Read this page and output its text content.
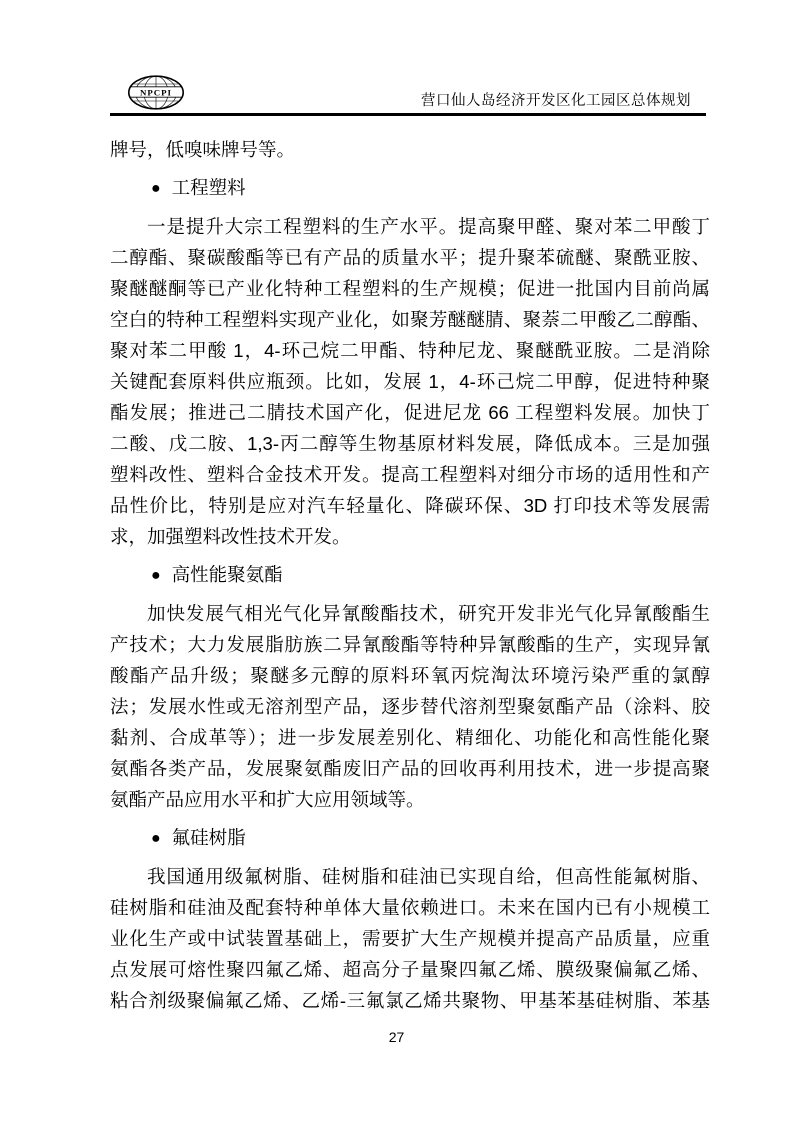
NPCPI
营口仙人岛经济开发区化工园区总体规划
牌号，低嗅味牌号等。
● 工程塑料
一是提升大宗工程塑料的生产水平。提高聚甲醛、聚对苯二甲酸丁
二醇酯、聚碳酸酯等已有产品的质量水平；提升聚苯硫醚、聚酰亚胺、
聚醚醚酮等已产业化特种工程塑料的生产规模；促进一批国内目前尚属
空白的特种工程塑料实现产业化，如聚芳醚醚腈、聚萘二甲酸乙二醇酯、
聚对苯二甲酸 1，4-环己烷二甲酯、特种尼龙、聚醚酰亚胺。二是消除
关键配套原料供应瓶颈。比如，发展 1，4-环己烷二甲醇，促进特种聚
酯发展；推进己二腈技术国产化，促进尼龙 66 工程塑料发展。加快丁
二酸、戊二胺、1,3-丙二醇等生物基原材料发展，降低成本。三是加强
塑料改性、塑料合金技术开发。提高工程塑料对细分市场的适用性和产
品性价比，特别是应对汽车轻量化、降碳环保、3D 打印技术等发展需
求，加强塑料改性技术开发。
● 高性能聚氨酯
加快发展气相光气化异氰酸酯技术，研究开发非光气化异氰酸酯生
产技术；大力发展脂肪族二异氰酸酯等特种异氰酸酯的生产，实现异氰
酸酯产品升级；聚醚多元醇的原料环氧丙烷淘汰环境污染严重的氯醇
法；发展水性或无溶剂型产品，逐步替代溶剂型聚氨酯产品（涂料、胶
黏剂、合成革等）；进一步发展差别化、精细化、功能化和高性能化聚
氨酯各类产品，发展聚氨酯废旧产品的回收再利用技术，进一步提高聚
氨酯产品应用水平和扩大应用领域等。
● 氟硅树脂
我国通用级氟树脂、硅树脂和硅油已实现自给，但高性能氟树脂、
硅树脂和硅油及配套特种单体大量依赖进口。未来在国内已有小规模工
业化生产或中试装置基础上，需要扩大生产规模并提高产品质量，应重
点发展可熔性聚四氟乙烯、超高分子量聚四氟乙烯、膜级聚偏氟乙烯、
粘合剂级聚偏氟乙烯、乙烯-三氟氯乙烯共聚物、甲基苯基硅树脂、苯基
27
